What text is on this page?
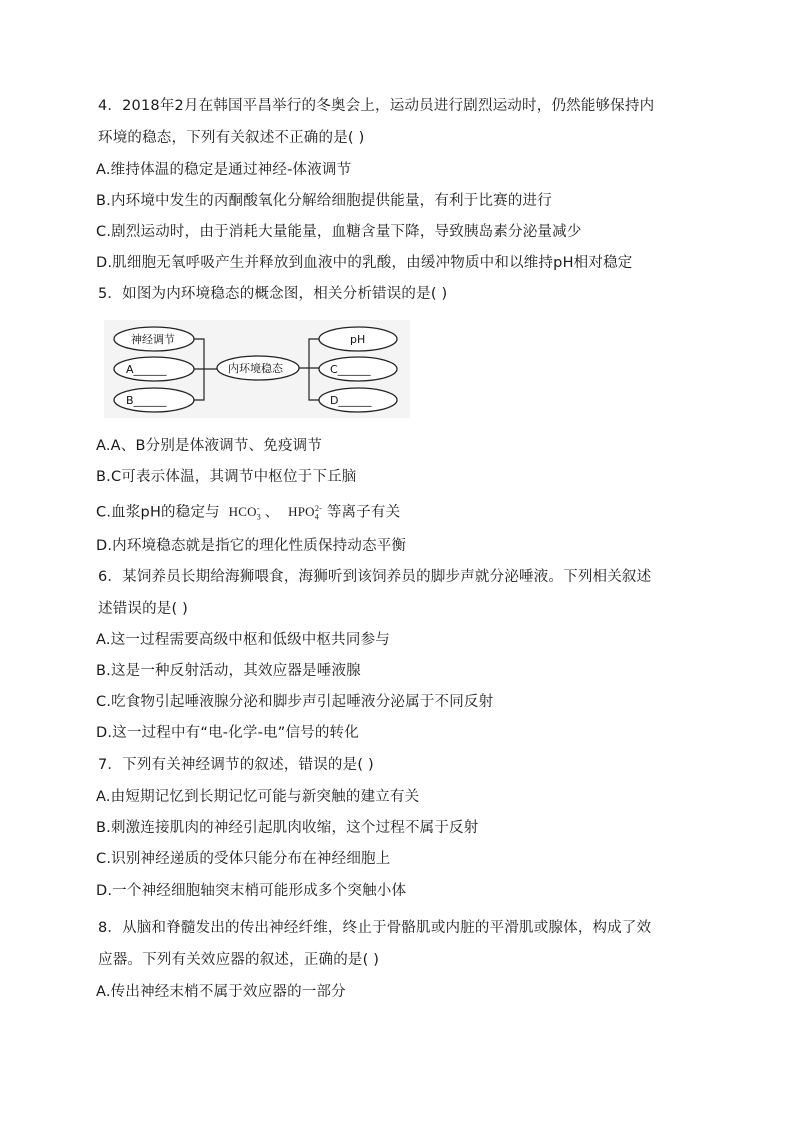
4．2018年2月在韩国平昌举行的冬奥会上，运动员进行剧烈运动时，仍然能够保持内
环境的稳态，下列有关叙述不正确的是( )
A.维持体温的稳定是通过神经-体液调节
B.内环境中发生的丙酮酸氧化分解给细胞提供能量，有利于比赛的进行
C.剧烈运动时，由于消耗大量能量，血糖含量下降，导致胰岛素分泌量减少
D.肌细胞无氧呼吸产生并释放到血液中的乳酸，由缓冲物质中和以维持pH相对稳定
5．如图为内环境稳态的概念图，相关分析错误的是( )
神经调节
A______
B______
内环境稳态
pH
C______
D______
A.A、B分别是体液调节、免疫调节
B.C可表示体温，其调节中枢位于下丘脑
C.血浆pH的稳定与 $HCO_3^-$ 、 $HPO_4^{2-}$ 等离子有关
D.内环境稳态就是指它的理化性质保持动态平衡
6．某饲养员长期给海狮喂食，海狮听到该饲养员的脚步声就分泌唾液。下列相关叙述
述错误的是( )
A.这一过程需要高级中枢和低级中枢共同参与
B.这是一种反射活动，其效应器是唾液腺
C.吃食物引起唾液腺分泌和脚步声引起唾液分泌属于不同反射
D.这一过程中有“电-化学-电”信号的转化
7．下列有关神经调节的叙述，错误的是( )
A.由短期记忆到长期记忆可能与新突触的建立有关
B.刺激连接肌肉的神经引起肌肉收缩，这个过程不属于反射
C.识别神经递质的受体只能分布在神经细胞上
D.一个神经细胞轴突末梢可能形成多个突触小体
8．从脑和脊髓发出的传出神经纤维，终止于骨骼肌或内脏的平滑肌或腺体，构成了效
应器。下列有关效应器的叙述，正确的是( )
A.传出神经末梢不属于效应器的一部分
